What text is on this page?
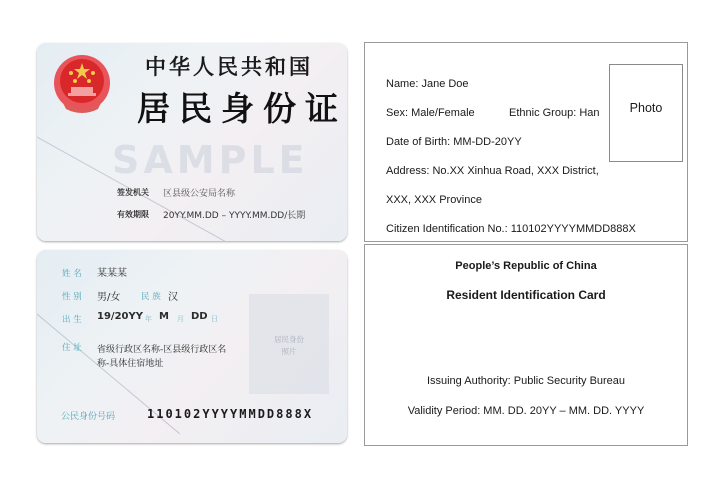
SAMPLE
中华人民共和国
居民身份证
签发机关 区县级公安局名称
有效期限 20YY.MM.DD – YYYY.MM.DD/长期
居民身份
照片
姓 名 某某某
性 别 男/女 民 族 汉
出 生 19/20YY 年 M 月 DD 日
住 址 省级行政区名称-区县级行政区名
称-具体住宿地址
公民身份号码	110102YYYYMMDD888X
Name: Jane Doe
Sex: Male/Female	Ethnic Group: Han
Date of Birth: MM-DD-20YY
Address: No.XX Xinhua Road, XXX District,
XXX, XXX Province
Citizen Identification No.: 110102YYYYMMDD888X
Photo
People’s Republic of China
Resident Identification Card
Issuing Authority: Public Security Bureau
Validity Period: MM. DD. 20YY – MM. DD. YYYY
